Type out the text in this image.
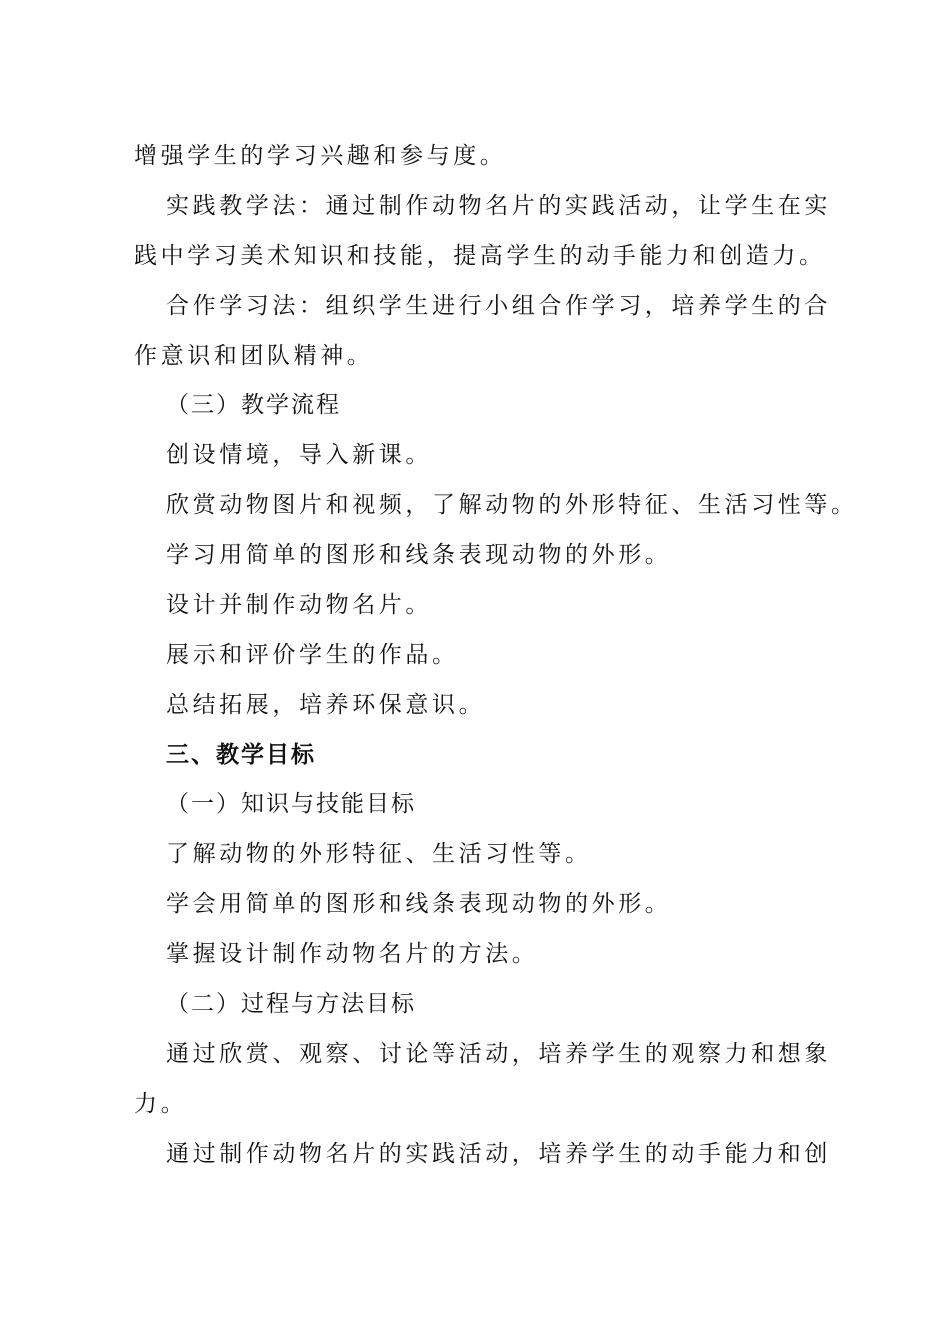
增强学生的学习兴趣和参与度。
实践教学法：通过制作动物名片的实践活动，让学生在实
践中学习美术知识和技能，提高学生的动手能力和创造力。
合作学习法：组织学生进行小组合作学习，培养学生的合
作意识和团队精神。
（三）教学流程
创设情境，导入新课。
欣赏动物图片和视频，了解动物的外形特征、生活习性等。
学习用简单的图形和线条表现动物的外形。
设计并制作动物名片。
展示和评价学生的作品。
总结拓展，培养环保意识。
三、教学目标
（一）知识与技能目标
了解动物的外形特征、生活习性等。
学会用简单的图形和线条表现动物的外形。
掌握设计制作动物名片的方法。
（二）过程与方法目标
通过欣赏、观察、讨论等活动，培养学生的观察力和想象
力。
通过制作动物名片的实践活动，培养学生的动手能力和创
